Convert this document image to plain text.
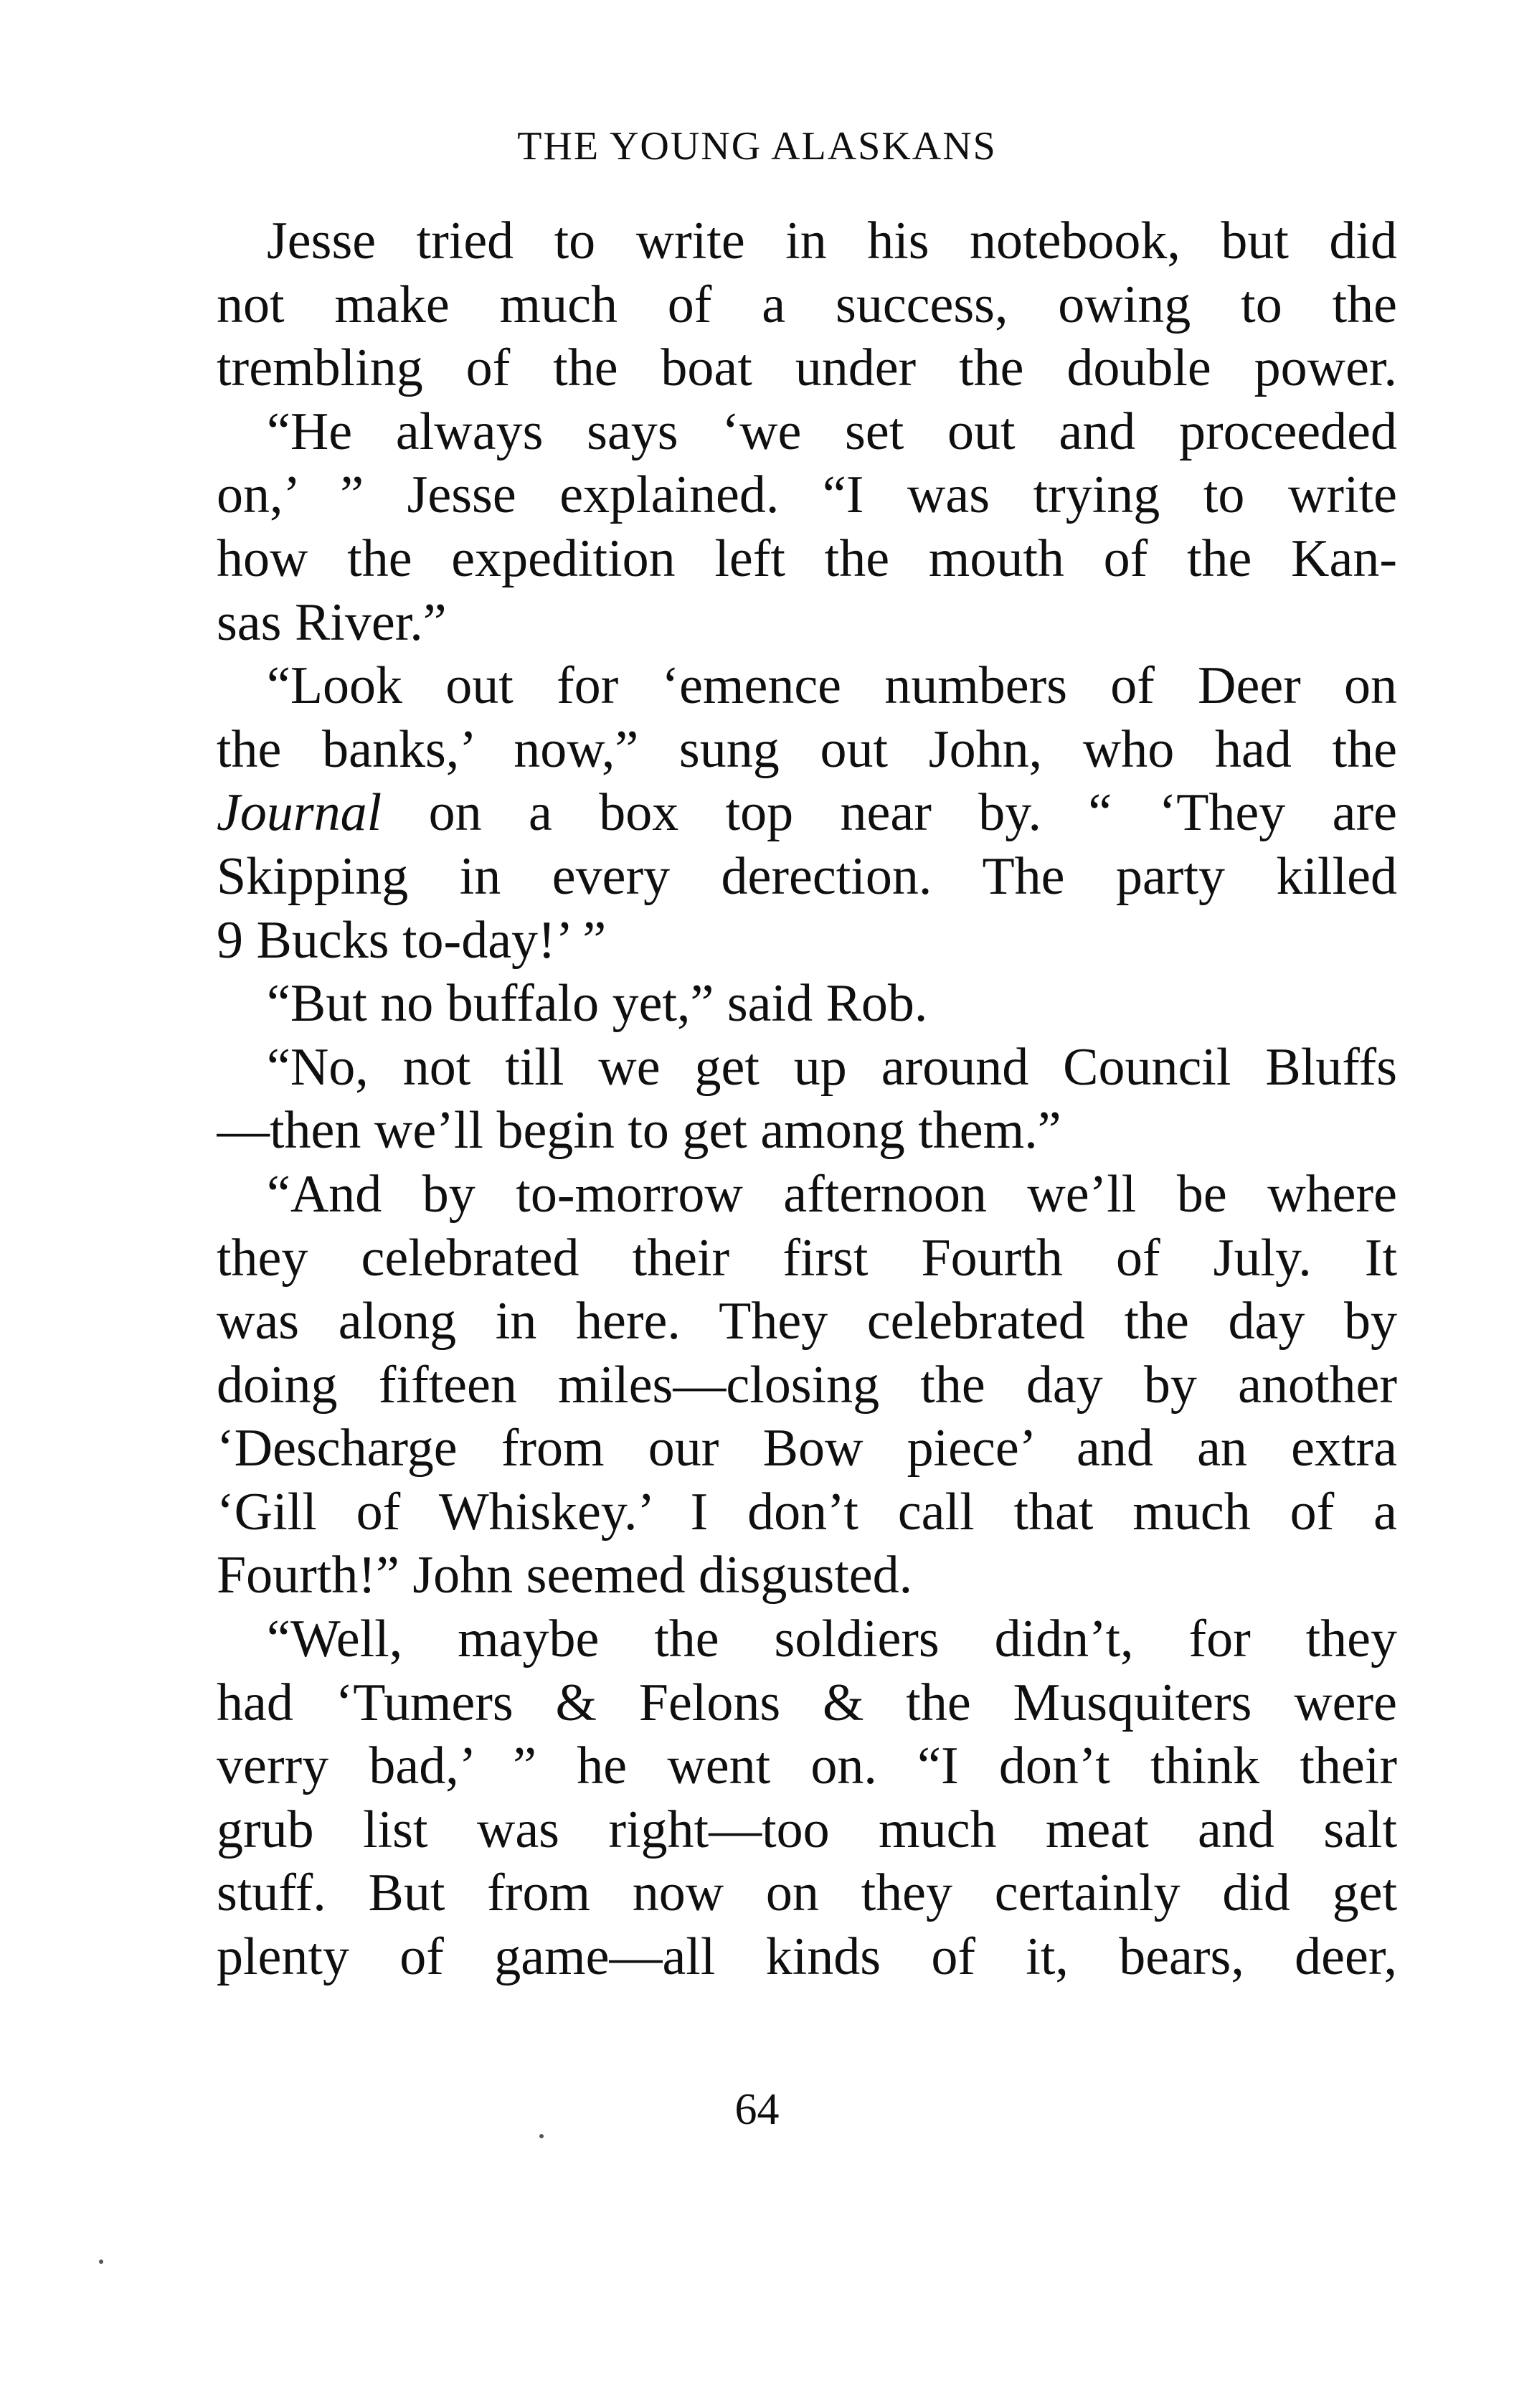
THE YOUNG ALASKANS
Jesse tried to write in his notebook, but did
not make much of a success, owing to the
trembling of the boat under the double power.
“He always says ‘we set out and proceeded
on,’ ” Jesse explained. “I was trying to write
how the expedition left the mouth of the Kan-
sas River.”
“Look out for ‘emence numbers of Deer on
the banks,’ now,” sung out John, who had the
Journal on a box top near by. “ ‘They are
Skipping in every derection. The party killed
9 Bucks to-day!’ ”
“But no buffalo yet,” said Rob.
“No, not till we get up around Council Bluffs
—then we’ll begin to get among them.”
“And by to-morrow afternoon we’ll be where
they celebrated their first Fourth of July. It
was along in here. They celebrated the day by
doing fifteen miles—closing the day by another
‘Descharge from our Bow piece’ and an extra
‘Gill of Whiskey.’ I don’t call that much of a
Fourth!” John seemed disgusted.
“Well, maybe the soldiers didn’t, for they
had ‘Tumers & Felons & the Musquiters were
verry bad,’ ” he went on. “I don’t think their
grub list was right—too much meat and salt
stuff. But from now on they certainly did get
plenty of game—all kinds of it, bears, deer,
64
